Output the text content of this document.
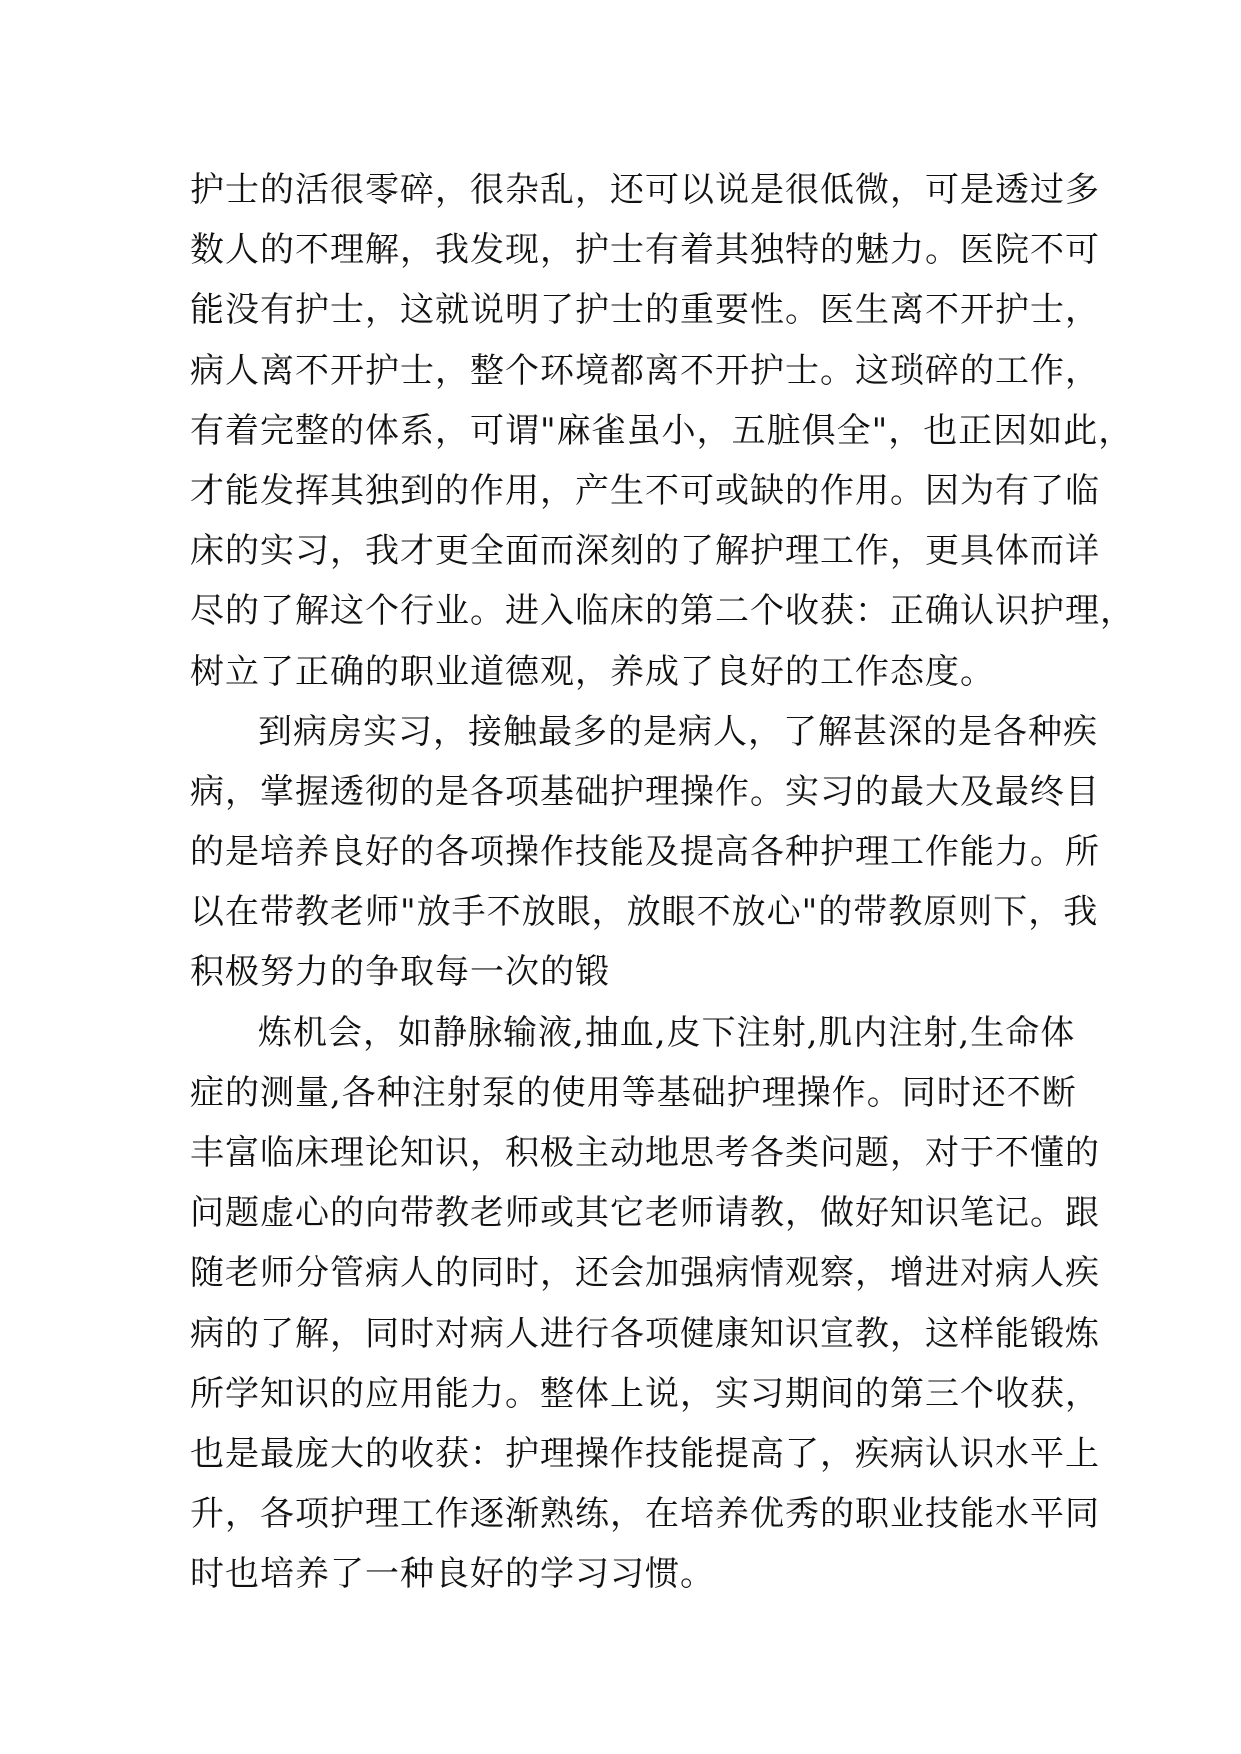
护士的活很零碎，很杂乱，还可以说是很低微，可是透过多
数人的不理解，我发现，护士有着其独特的魅力。医院不可
能没有护士，这就说明了护士的重要性。医生离不开护士，
病人离不开护士，整个环境都离不开护士。这琐碎的工作，
有着完整的体系，可谓"麻雀虽小，五脏俱全"，也正因如此，
才能发挥其独到的作用，产生不可或缺的作用。因为有了临
床的实习，我才更全面而深刻的了解护理工作，更具体而详
尽的了解这个行业。进入临床的第二个收获：正确认识护理，
树立了正确的职业道德观，养成了良好的工作态度。
到病房实习，接触最多的是病人，了解甚深的是各种疾
病，掌握透彻的是各项基础护理操作。实习的最大及最终目
的是培养良好的各项操作技能及提高各种护理工作能力。所
以在带教老师"放手不放眼，放眼不放心"的带教原则下，我
积极努力的争取每一次的锻
炼机会，如静脉输液,抽血,皮下注射,肌内注射,生命体
症的测量,各种注射泵的使用等基础护理操作。同时还不断
丰富临床理论知识，积极主动地思考各类问题，对于不懂的
问题虚心的向带教老师或其它老师请教，做好知识笔记。跟
随老师分管病人的同时，还会加强病情观察，增进对病人疾
病的了解，同时对病人进行各项健康知识宣教，这样能锻炼
所学知识的应用能力。整体上说，实习期间的第三个收获，
也是最庞大的收获：护理操作技能提高了，疾病认识水平上
升，各项护理工作逐渐熟练，在培养优秀的职业技能水平同
时也培养了一种良好的学习习惯。
